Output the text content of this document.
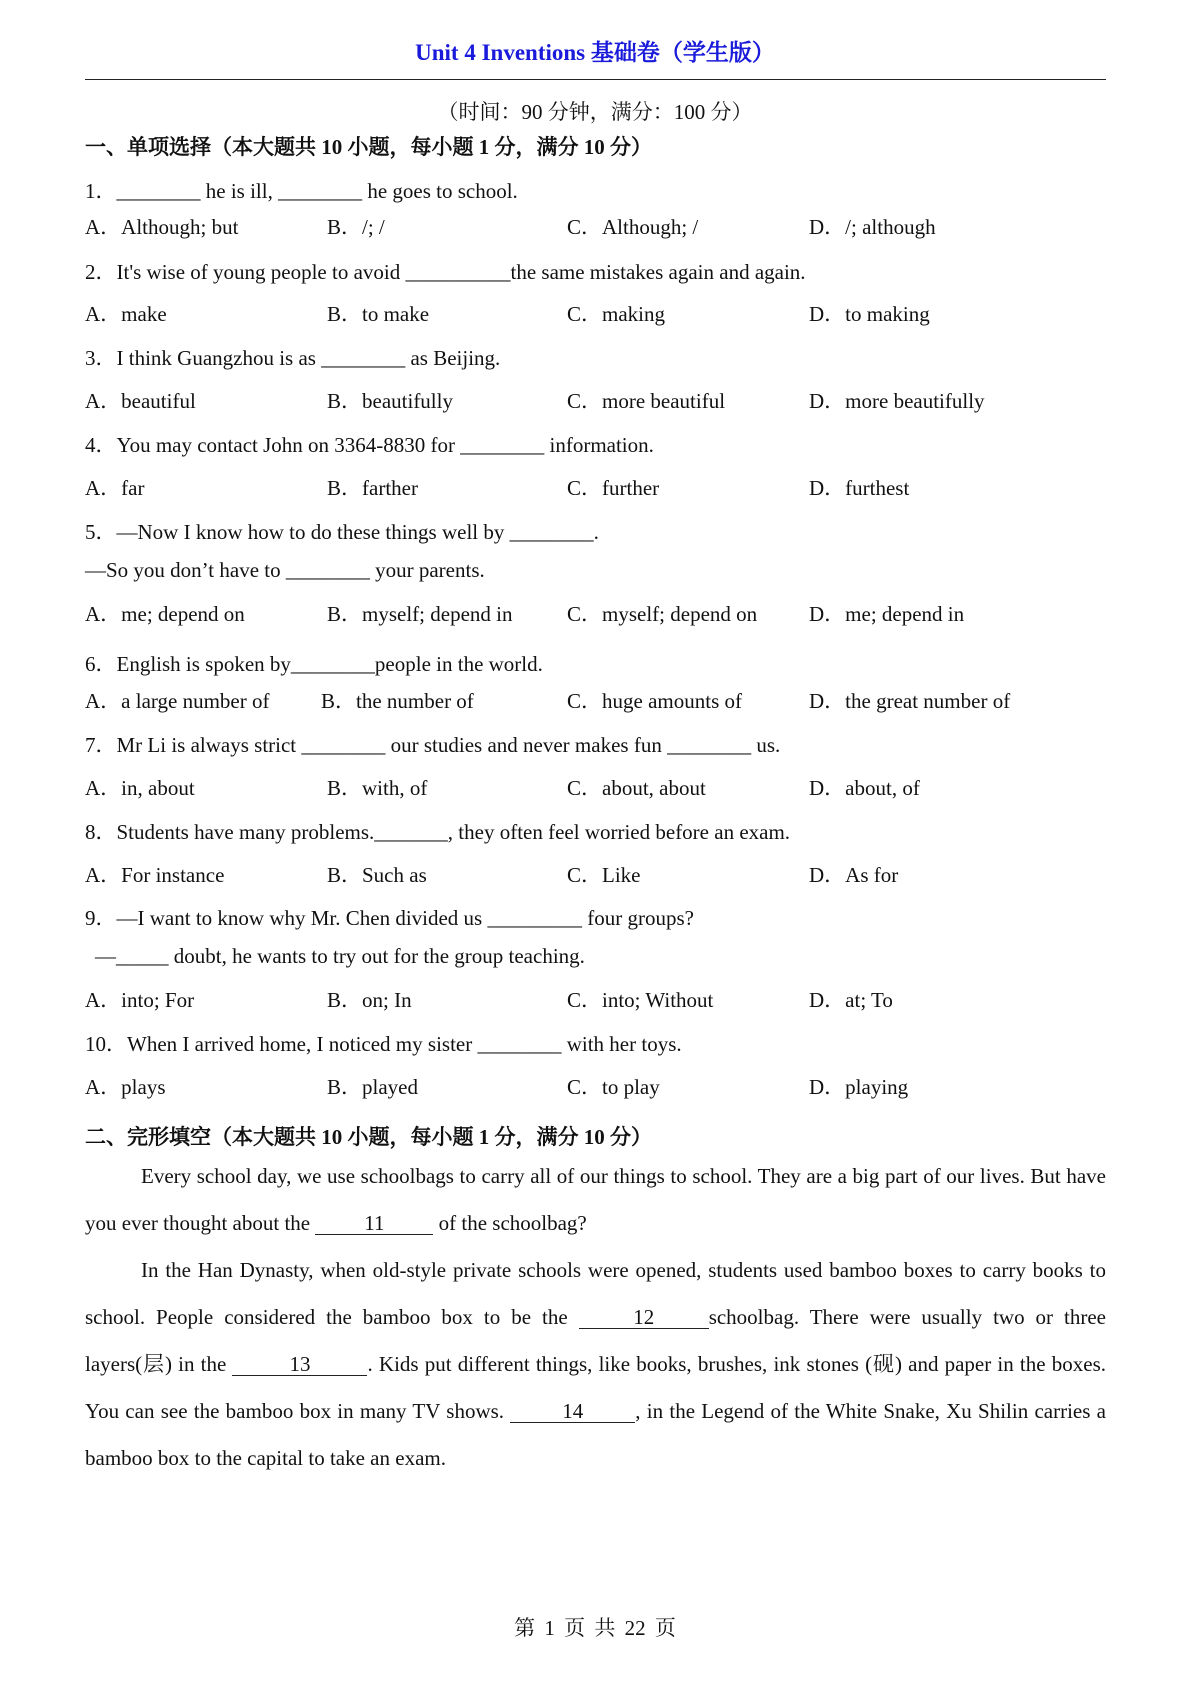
Unit 4 Inventions 基础卷（学生版）
（时间：90 分钟，满分：100 分）
一、单项选择（本大题共 10 小题，每小题 1 分，满分 10 分）
1．________ he is ill, ________ he goes to school.
A．Although; but	B．/; /	C．Although; /	D．/; although
2．It's wise of young people to avoid __________the same mistakes again and again.
A．make	B．to make	C．making	D．to making
3．I think Guangzhou is as ________ as Beijing.
A．beautiful	B．beautifully	C．more beautiful	D．more beautifully
4．You may contact John on 3364-8830 for ________ information.
A．far	B．farther	C．further	D．furthest
5．—Now I know how to do these things well by ________.
—So you don’t have to ________ your parents.
A．me; depend on	B．myself; depend in	C．myself; depend on D．me; depend in
6．English is spoken by________people in the world.
A．a large number of B．the number of	C．huge amounts of	D．the great number of
7．Mr Li is always strict ________ our studies and never makes fun ________ us.
A．in, about	B．with, of	C．about, about	D．about, of
8．Students have many problems._______, they often feel worried before an exam.
A．For instance	B．Such as	C．Like	D．As for
9．—I want to know why Mr. Chen divided us _________ four groups?
—_____ doubt, he wants to try out for the group teaching.
A．into; For	B．on; In	C．into; Without	D．at; To
10．When I arrived home, I noticed my sister ________ with her toys.
A．plays	B．played	C．to play	D．playing
二、完形填空（本大题共 10 小题，每小题 1 分，满分 10 分）

Every school day, we use schoolbags to carry all of our things to school. They are a big part of our lives. But have you ever thought about the 11 of the schoolbag?

In the Han Dynasty, when old-style private schools were opened, students used bamboo boxes to carry books to school. People considered the bamboo box to be the	12	schoolbag. There were usually two or three layers(层) in the	13	. Kids put different things, like books, brushes, ink stones (砚) and paper in the boxes. You can see the bamboo box in many TV shows. 14 , in the Legend of the White Snake, Xu Shilin carries a bamboo box to the capital to take an exam.

第 1 页 共 22 页
